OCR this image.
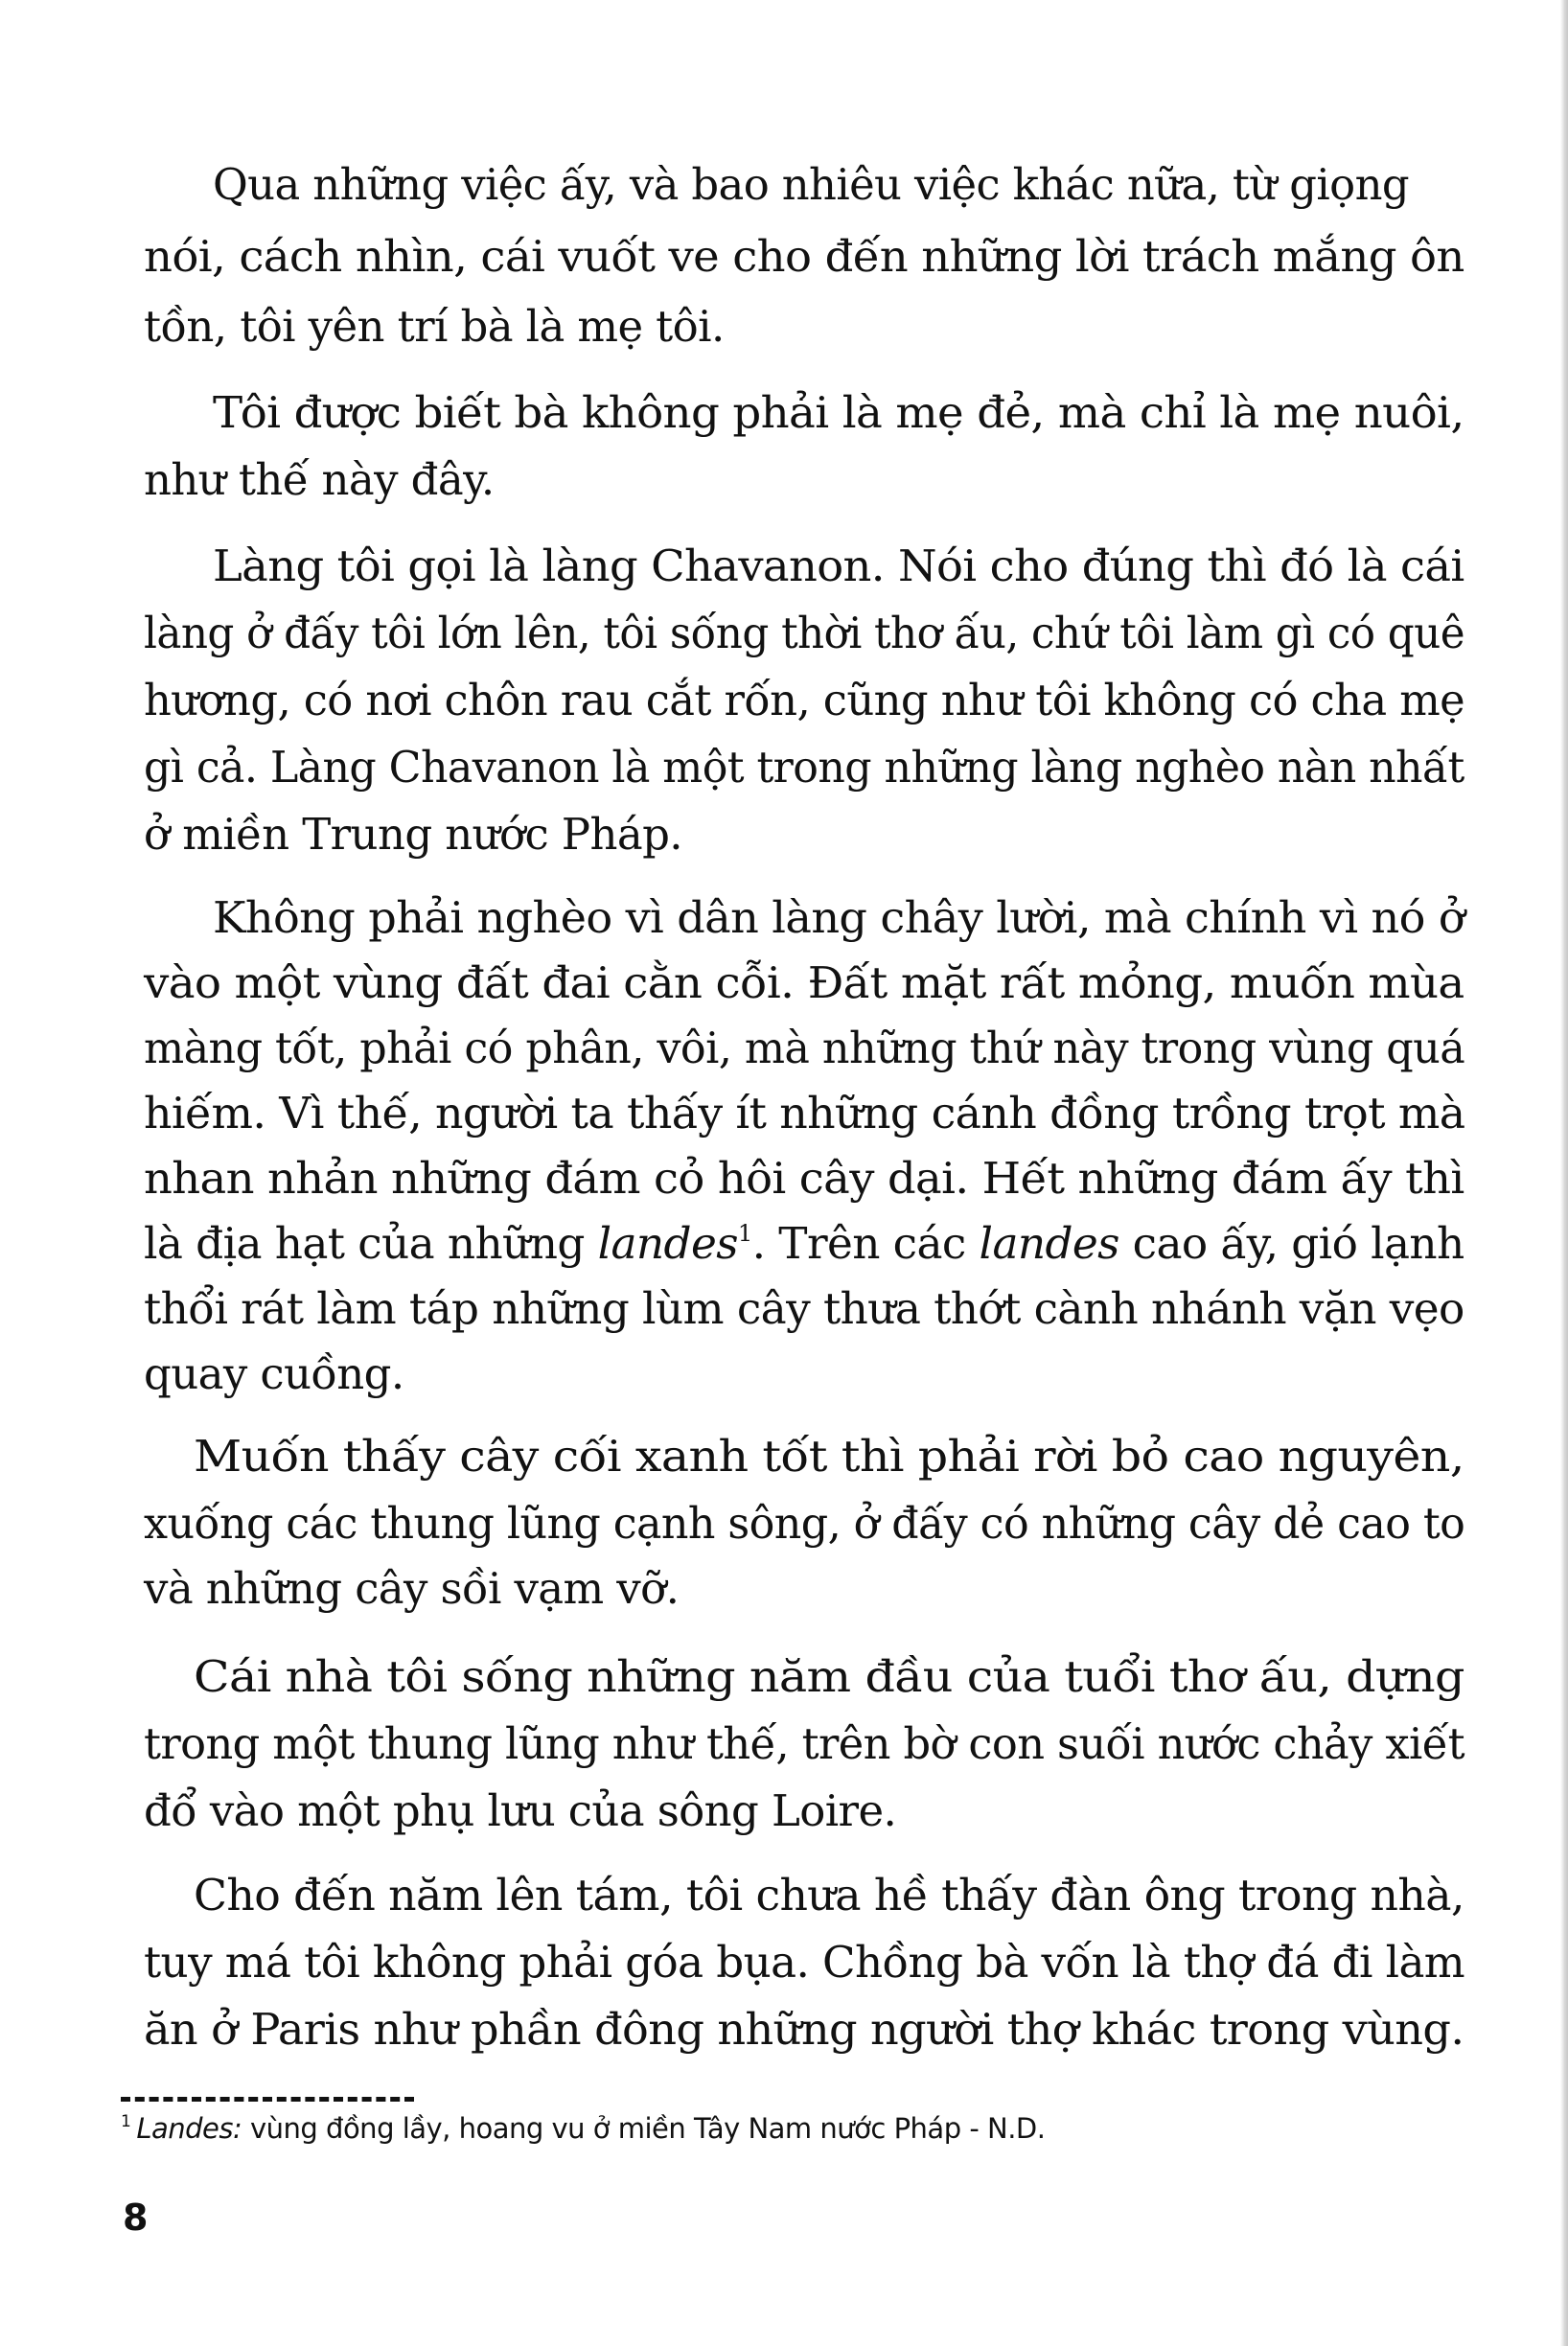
Qua những việc ấy, và bao nhiêu việc khác nữa, từ giọng
nói, cách nhìn, cái vuốt ve cho đến những lời trách mắng ôn
tồn, tôi yên trí bà là mẹ tôi.
Tôi được biết bà không phải là mẹ đẻ, mà chỉ là mẹ nuôi,
như thế này đây.
Làng tôi gọi là làng Chavanon. Nói cho đúng thì đó là cái
làng ở đấy tôi lớn lên, tôi sống thời thơ ấu, chứ tôi làm gì có quê
hương, có nơi chôn rau cắt rốn, cũng như tôi không có cha mẹ
gì cả. Làng Chavanon là một trong những làng nghèo nàn nhất
ở miền Trung nước Pháp.
Không phải nghèo vì dân làng chây lười, mà chính vì nó ở
vào một vùng đất đai cằn cỗi. Đất mặt rất mỏng, muốn mùa
màng tốt, phải có phân, vôi, mà những thứ này trong vùng quá
hiếm. Vì thế, người ta thấy ít những cánh đồng trồng trọt mà
nhan nhản những đám cỏ hôi cây dại. Hết những đám ấy thì
là địa hạt của những landes$^1$. Trên các landes cao ấy, gió lạnh
thổi rát làm táp những lùm cây thưa thớt cành nhánh vặn vẹo
quay cuồng.
Muốn thấy cây cối xanh tốt thì phải rời bỏ cao nguyên,
xuống các thung lũng cạnh sông, ở đấy có những cây dẻ cao to
và những cây sồi vạm vỡ.
Cái nhà tôi sống những năm đầu của tuổi thơ ấu, dựng
trong một thung lũng như thế, trên bờ con suối nước chảy xiết
đổ vào một phụ lưu của sông Loire.
Cho đến năm lên tám, tôi chưa hề thấy đàn ông trong nhà,
tuy má tôi không phải góa bụa. Chồng bà vốn là thợ đá đi làm
ăn ở Paris như phần đông những người thợ khác trong vùng.
$^1$ Landes: vùng đồng lầy, hoang vu ở miền Tây Nam nước Pháp - N.D.
8
